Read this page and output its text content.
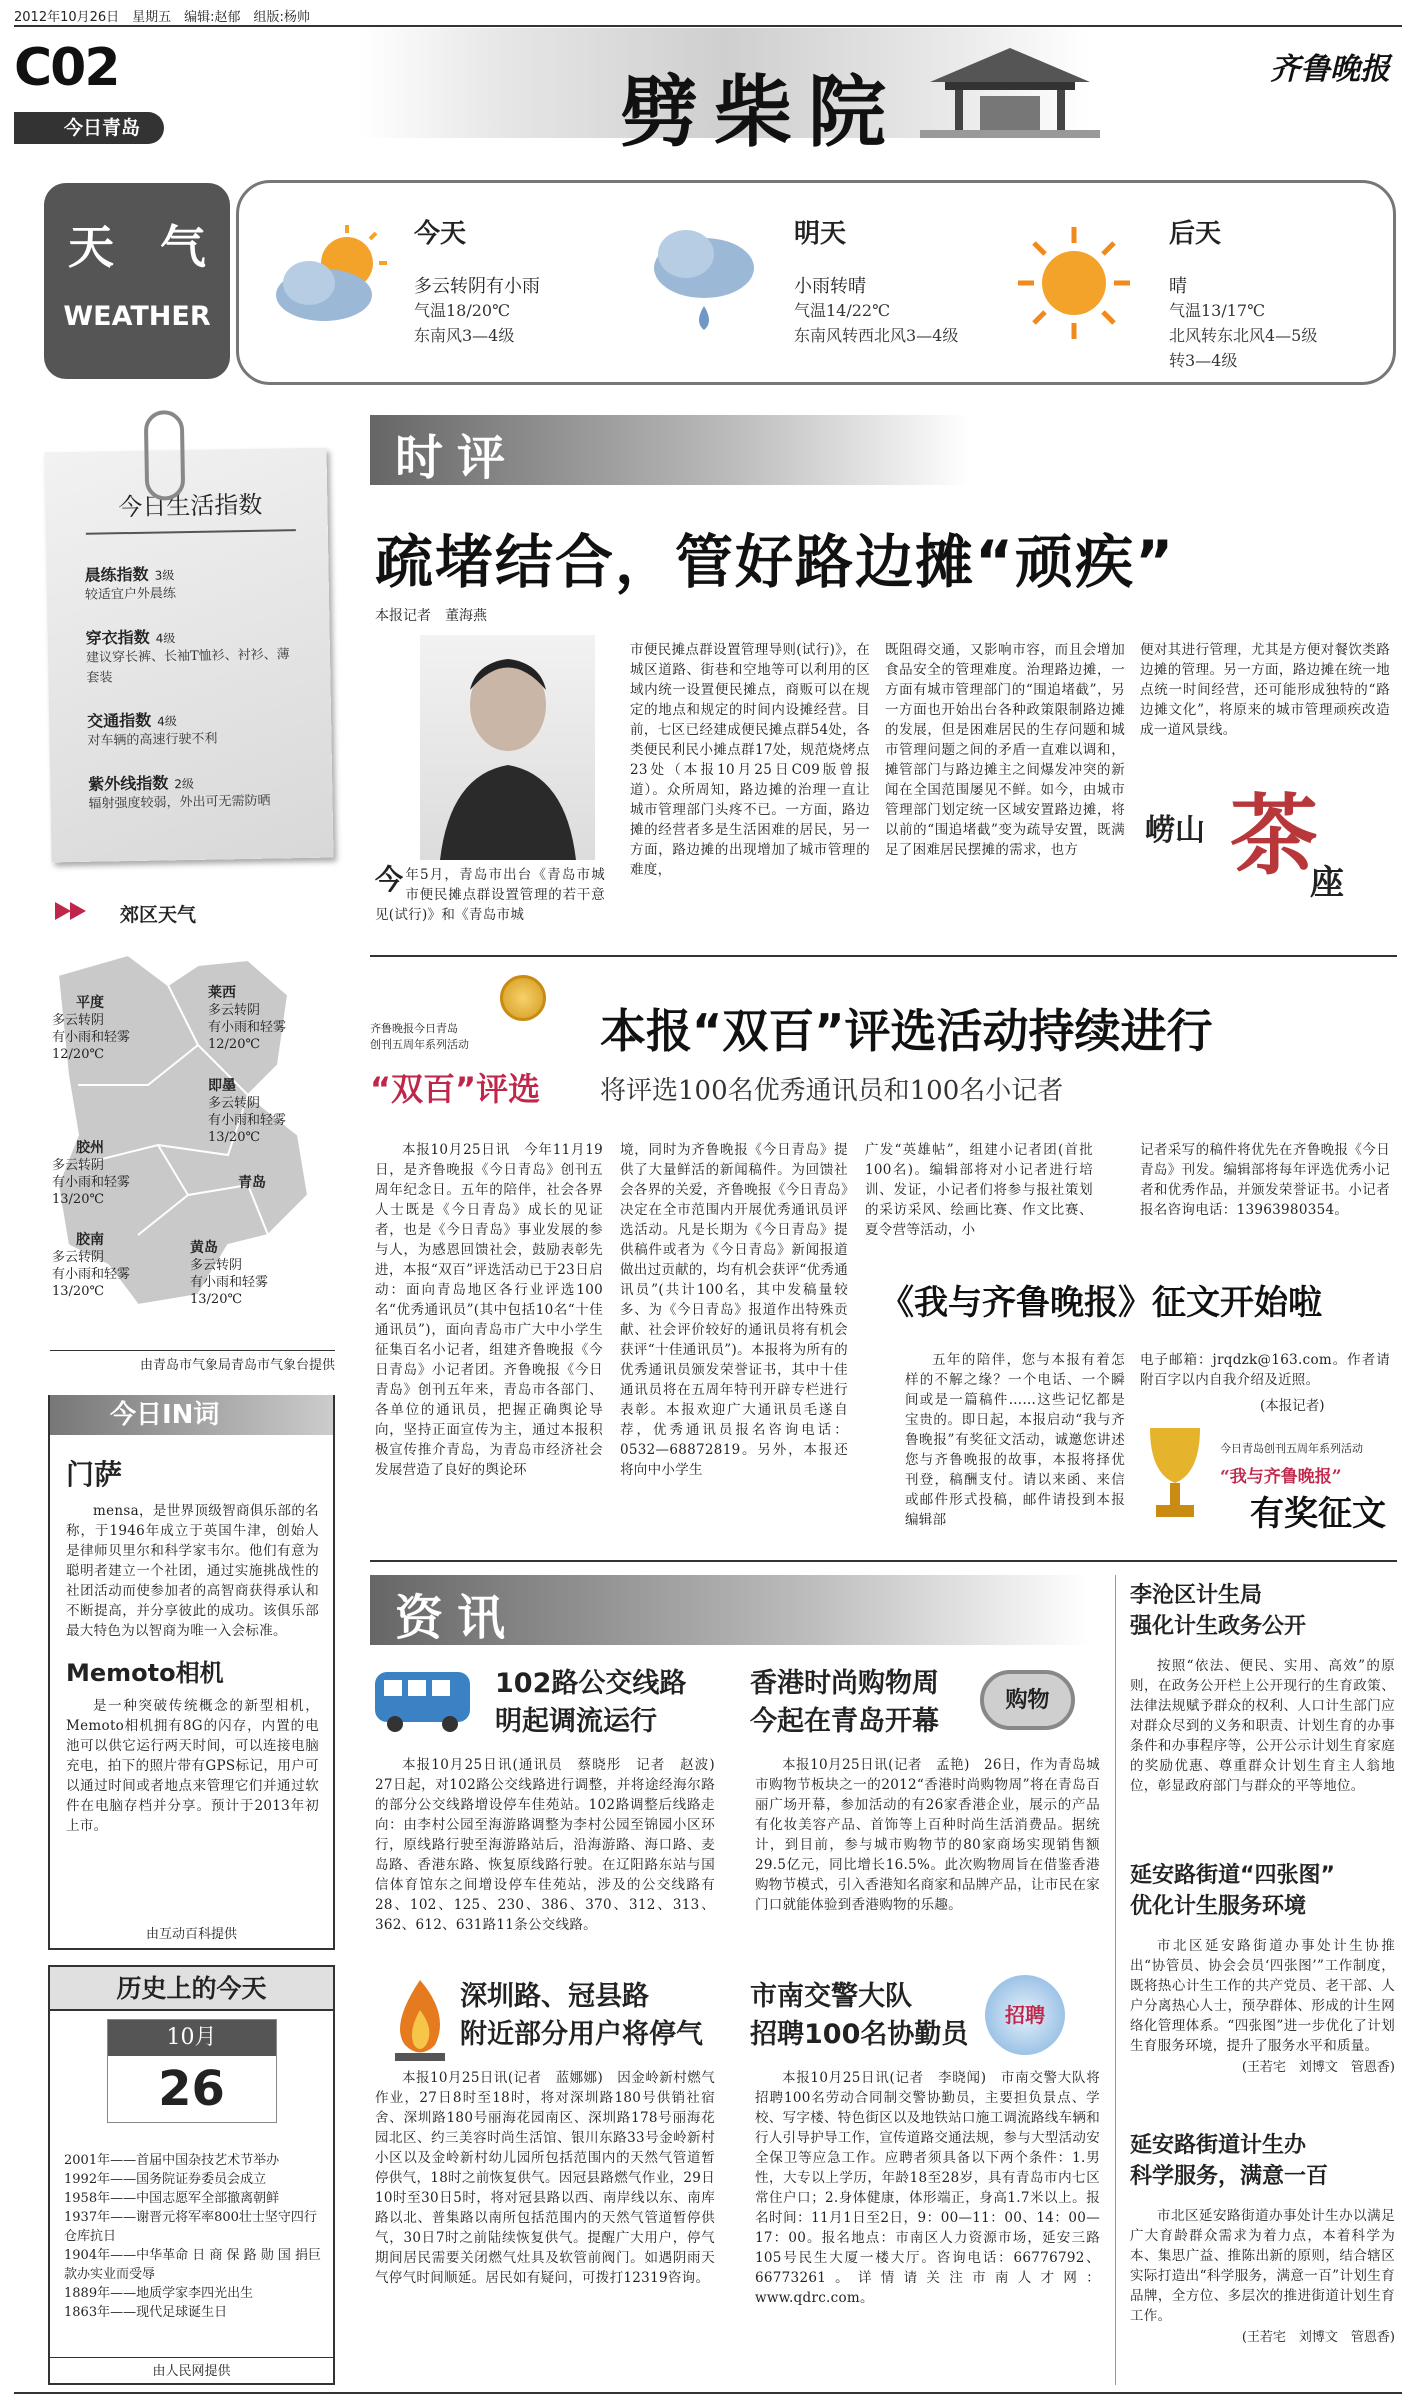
2012年10月26日　星期五　编辑:赵郁　组版:杨帅
C02
今日青岛	劈柴院	齐鲁晚报
天　气
WEATHER
今天
多云转阴有小雨
气温18/20℃
东南风3—4级
明天
小雨转晴
气温14/22℃
东南风转西北风3—4级
后天
晴
气温13/17℃
北风转东北风4—5级
转3—4级
今日生活指数
晨练指数 3级
较适宜户外晨练
穿衣指数 4级
建议穿长裤、长袖T恤衫、衬衫、薄套装
交通指数 4级
对车辆的高速行驶不利
紫外线指数 2级
辐射强度较弱，外出可无需防晒
郊区天气
平度
多云转阴
有小雨和轻雾
12/20℃
莱西
多云转阴
有小雨和轻雾
12/20℃
即墨
多云转阴
有小雨和轻雾
13/20℃
胶州
多云转阴
有小雨和轻雾
13/20℃
青岛
胶南
多云转阴
有小雨和轻雾
13/20℃
黄岛
多云转阴
有小雨和轻雾
13/20℃
由青岛市气象局青岛市气象台提供
今日IN词
门萨
mensa，是世界顶级智商俱乐部的名称，于1946年成立于英国牛津，创始人是律师贝里尔和科学家韦尔。他们有意为聪明者建立一个社团，通过实施挑战性的社团活动而使参加者的高智商获得承认和不断提高，并分享彼此的成功。该俱乐部最大特色为以智商为唯一入会标准。
Memoto相机
是一种突破传统概念的新型相机，Memoto相机拥有8G的闪存，内置的电池可以供它运行两天时间，可以连接电脑充电，拍下的照片带有GPS标记，用户可以通过时间或者地点来管理它们并通过软件在电脑存档并分享。预计于2013年初上市。
由互动百科提供
历史上的今天
10月
26
2001年——首届中国杂技艺术节举办
1992年——国务院证券委员会成立
1958年——中国志愿军全部撤离朝鲜
1937年——谢晋元将军率800壮士坚守四行仓库抗日
1904年——中华革命 日 商 保 路 勋 国 捐巨款办实业而受辱
1889年——地质学家李四光出生
1863年——现代足球诞生日
由人民网提供
时评
疏堵结合，管好路边摊“顽疾”
本报记者　董海燕
今年5月，青岛市出台《青岛市城市便民摊点群设置管理的若干意见(试行)》和《青岛市城
市便民摊点群设置管理导则(试行)》，在城区道路、街巷和空地等可以利用的区域内统一设置便民摊点，商贩可以在规定的地点和规定的时间内设摊经营。目前，七区已经建成便民摊点群54处，各类便民利民小摊点群17处，规范烧烤点23处（本报10月25日C09版曾报道）。众所周知，路边摊的治理一直让城市管理部门头疼不已。一方面，路边摊的经营者多是生活困难的居民，另一方面，路边摊的出现增加了城市管理的难度，
既阻碍交通，又影响市容，而且会增加食品安全的管理难度。治理路边摊，一方面有城市管理部门的“围追堵截”，另一方面也开始出台各种政策限制路边摊的发展，但是困难居民的生存问题和城市管理问题之间的矛盾一直难以调和，摊管部门与路边摊主之间爆发冲突的新闻在全国范围屡见不鲜。如今，由城市管理部门划定统一区域安置路边摊，将以前的“围追堵截”变为疏导安置，既满足了困难居民摆摊的需求，也方
便对其进行管理，尤其是方便对餐饮类路边摊的管理。另一方面，路边摊在统一地点统一时间经营，还可能形成独特的“路边摊文化”，将原来的城市管理顽疾改造成一道风景线。
崂山 茶
座
齐鲁晚报今日青岛
创刊五周年系列活动
“双百”评选
本报“双百”评选活动持续进行
将评选100名优秀通讯员和100名小记者
本报10月25日讯　今年11月19日，是齐鲁晚报《今日青岛》创刊五周年纪念日。五年的陪伴，社会各界人士既是《今日青岛》成长的见证者，也是《今日青岛》事业发展的参与人，为感恩回馈社会，鼓励表彰先进，本报“双百”评选活动已于23日启动：面向青岛地区各行业评选100名“优秀通讯员”(其中包括10名“十佳通讯员”)，面向青岛市广大中小学生征集百名小记者，组建齐鲁晚报《今日青岛》小记者团。齐鲁晚报《今日青岛》创刊五年来，青岛市各部门、各单位的通讯员，把握正确舆论导向，坚持正面宣传为主，通过本报积极宣传推介青岛，为青岛市经济社会发展营造了良好的舆论环
境，同时为齐鲁晚报《今日青岛》提供了大量鲜活的新闻稿件。为回馈社会各界的关爱，齐鲁晚报《今日青岛》决定在全市范围内开展优秀通讯员评选活动。凡是长期为《今日青岛》提供稿件或者为《今日青岛》新闻报道做出过贡献的，均有机会获评“优秀通讯员”(共计100名，其中发稿量较多、为《今日青岛》报道作出特殊贡献、社会评价较好的通讯员将有机会获评“十佳通讯员”)。本报将为所有的优秀通讯员颁发荣誉证书，其中十佳通讯员将在五周年特刊开辟专栏进行表彰。本报欢迎广大通讯员毛遂自荐，优秀通讯员报名咨询电话：0532—68872819。另外，本报还将向中小学生
广发“英雄帖”，组建小记者团(首批100名)。编辑部将对小记者进行培训、发证，小记者们将参与报社策划的采访采风、绘画比赛、作文比赛、夏令营等活动，小
记者采写的稿件将优先在齐鲁晚报《今日青岛》刊发。编辑部将每年评选优秀小记者和优秀作品，并颁发荣誉证书。小记者报名咨询电话：13963980354。
《我与齐鲁晚报》征文开始啦
五年的陪伴，您与本报有着怎样的不解之缘？一个电话、一个瞬间或是一篇稿件……这些记忆都是宝贵的。即日起，本报启动“我与齐鲁晚报”有奖征文活动，诚邀您讲述您与齐鲁晚报的故事，本报将择优刊登，稿酬支付。请以来函、来信或邮件形式投稿，邮件请投到本报编辑部
电子邮箱：jrqdzk@163.com。作者请附百字以内自我介绍及近照。
(本报记者)
今日青岛创刊五周年系列活动
“我与齐鲁晚报”
有奖征文
资讯
102路公交线路
明起调流运行
本报10月25日讯(通讯员　蔡晓彤　记者　赵波)　27日起，对102路公交线路进行调整，并将途经海尔路的部分公交线路增设停车佳苑站。102路调整后线路走向：由李村公园至海游路调整为李村公园至锦园小区环行，原线路行驶至海游路站后，沿海游路、海口路、麦岛路、香港东路、恢复原线路行驶。在辽阳路东站与国信体育馆东之间增设停车佳苑站，涉及的公交线路有28、102、125、230、386、370、312、313、362、612、631路11条公交线路。
香港时尚购物周
今起在青岛开幕
购物
本报10月25日讯(记者　孟艳)　26日，作为青岛城市购物节板块之一的2012“香港时尚购物周”将在青岛百丽广场开幕，参加活动的有26家香港企业，展示的产品有化妆美容产品、首饰等上百种时尚生活消费品。据统计，到目前，参与城市购物节的80家商场实现销售额29.5亿元，同比增长16.5%。此次购物周旨在借鉴香港购物节模式，引入香港知名商家和品牌产品，让市民在家门口就能体验到香港购物的乐趣。
深圳路、冠县路
附近部分用户将停气
本报10月25日讯(记者　蓝娜娜)　因金岭新村燃气作业，27日8时至18时，将对深圳路180号供销社宿舍、深圳路180号丽海花园南区、深圳路178号丽海花园北区、约三美容时尚生活馆、银川东路33号金岭新村小区以及金岭新村幼儿园所包括范围内的天然气管道暂停供气，18时之前恢复供气。因冠县路燃气作业，29日10时至30日5时，将对冠县路以西、南岸线以东、南库路以北、普集路以南所包括范围内的天然气管道暂停供气，30日7时之前陆续恢复供气。提醒广大用户，停气期间居民需要关闭燃气灶具及软管前阀门。如遇阴雨天气停气时间顺延。居民如有疑问，可拨打12319咨询。
市南交警大队
招聘100名协勤员
招聘
本报10月25日讯(记者　李晓闻)　市南交警大队将招聘100名劳动合同制交警协勤员，主要担负景点、学校、写字楼、特色街区以及地铁站口施工调流路线车辆和行人引导护导工作，宣传道路交通法规，参与大型活动安全保卫等应急工作。应聘者须具备以下两个条件：1.男性，大专以上学历，年龄18至28岁，具有青岛市内七区常住户口；2.身体健康，体形端正，身高1.7米以上。报名时间：11月1日至2日，9：00—11：00、14：00—17：00。报名地点：市南区人力资源市场，延安三路105号民生大厦一楼大厅。咨询电话：66776792、66773261。详情请关注市南人才网：www.qdrc.com。
李沧区计生局
强化计生政务公开
按照“依法、便民、实用、高效”的原则，在政务公开栏上公开现行的生育政策、法律法规赋予群众的权利、人口计生部门应对群众尽到的义务和职责、计划生育的办事条件和办事程序等，公开公示计划生育家庭的奖励优惠、尊重群众计划生育主人翁地位，彰显政府部门与群众的平等地位。
延安路街道“四张图”
优化计生服务环境
市北区延安路街道办事处计生协推出“协管员、协会会员‘四张图’”工作制度，既将热心计生工作的共产党员、老干部、人户分离热心人士，预孕群体、形成的计生网络化管理体系。“四张图”进一步优化了计划生育服务环境，提升了服务水平和质量。
(王若宅　刘博文　管恩香)
延安路街道计生办
科学服务，满意一百
市北区延安路街道办事处计生办以满足广大育龄群众需求为着力点，本着科学为本、集思广益、推陈出新的原则，结合辖区实际打造出“科学服务，满意一百”计划生育品牌，全方位、多层次的推进街道计划生育工作。
(王若宅　刘博文　管恩香)
